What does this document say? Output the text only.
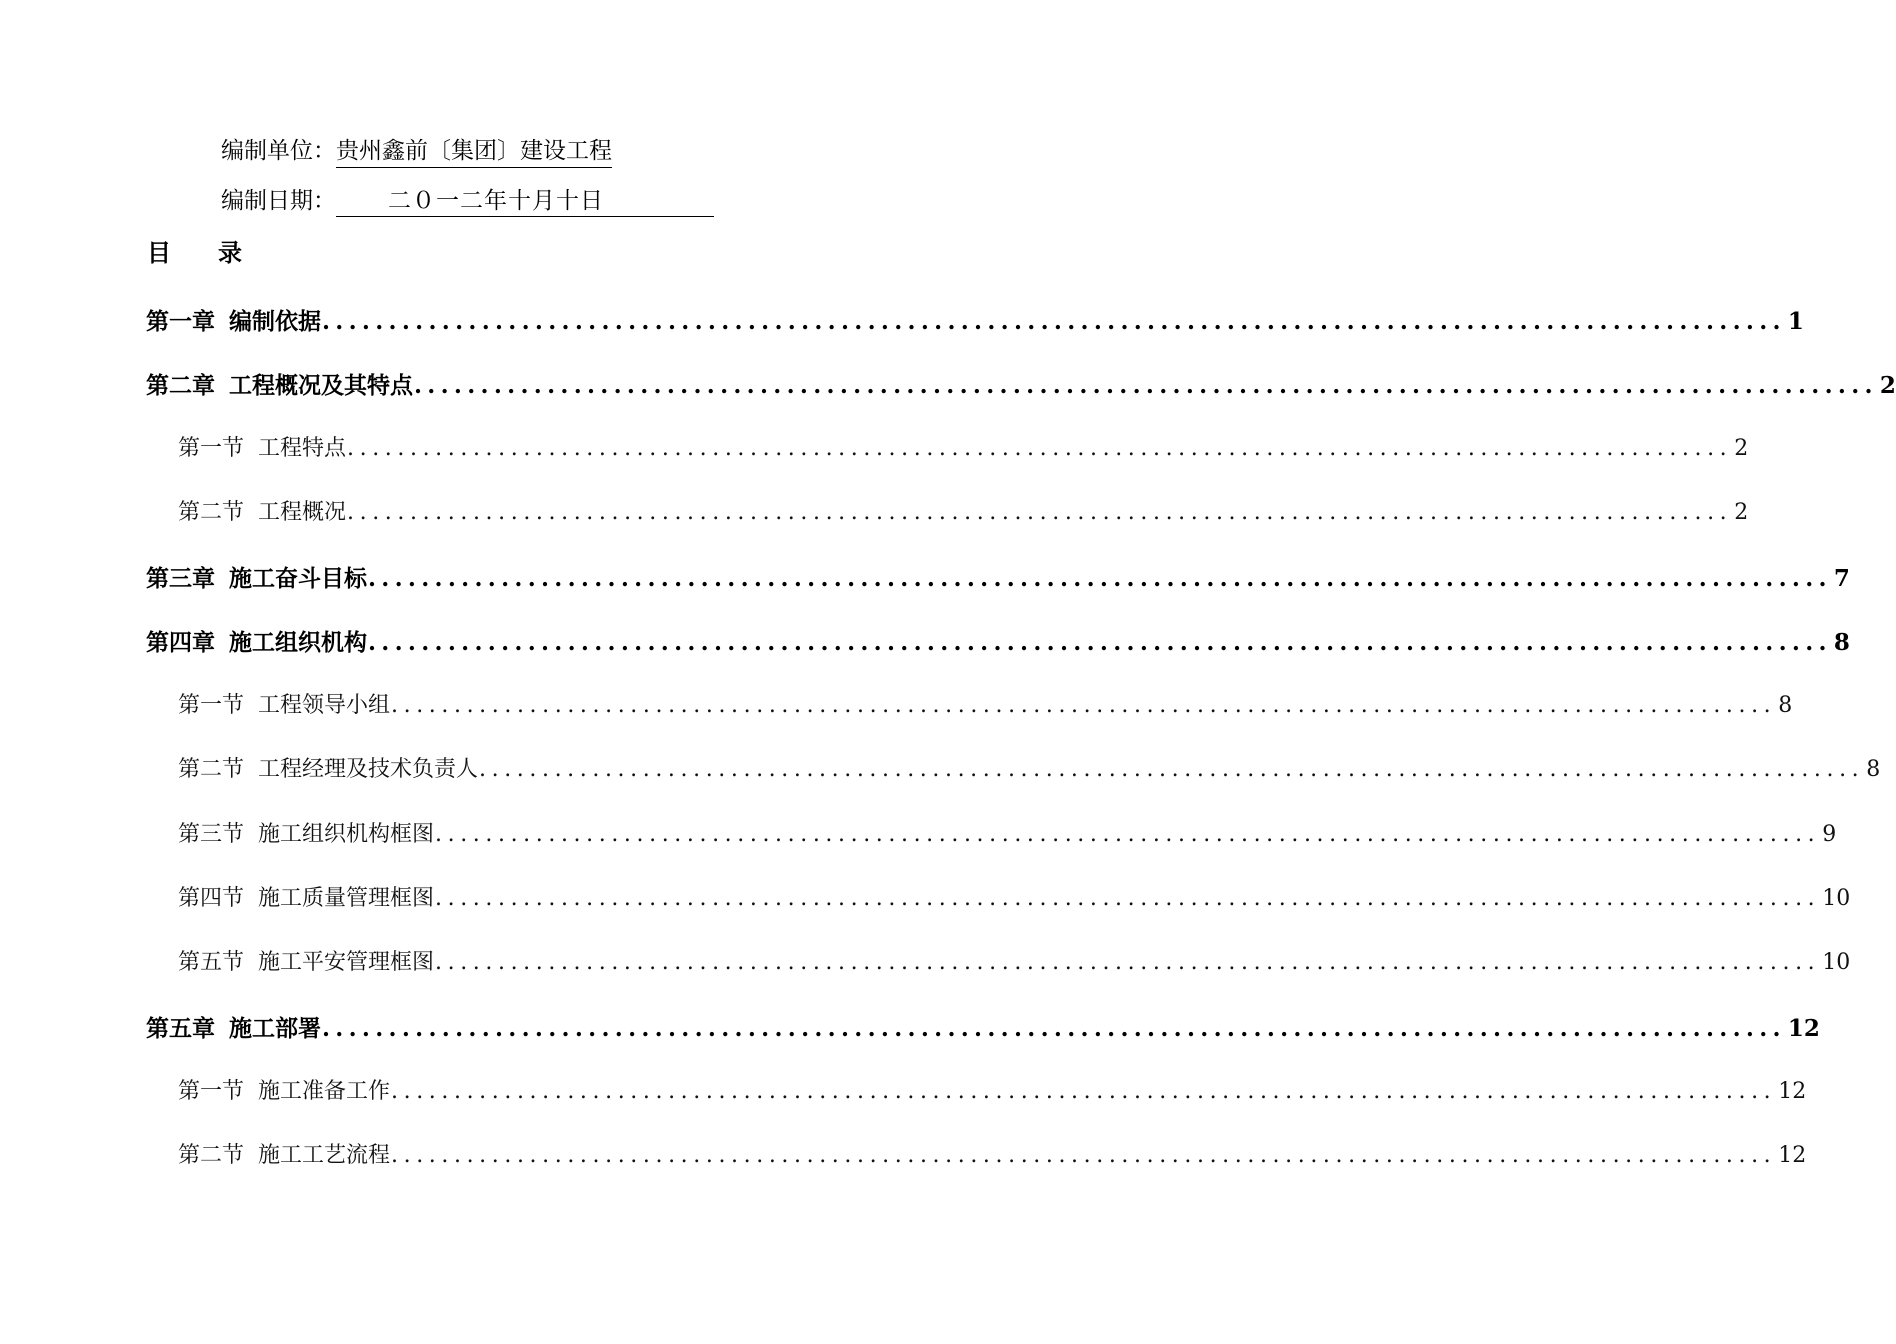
编制单位：贵州鑫前〔集团〕建设工程
编制日期： 二０一二年十月十日
目 录
第一章 编制依据 .............................................................................................................. 1
第二章 工程概况及其特点 .............................................................................................................. 2
第一节 工程特点 .............................................................................................................. 2
第二节 工程概况 .............................................................................................................. 2
第三章 施工奋斗目标 .............................................................................................................. 7
第四章 施工组织机构 .............................................................................................................. 8
第一节 工程领导小组 .............................................................................................................. 8
第二节 工程经理及技术负责人 .............................................................................................................. 8
第三节 施工组织机构框图 .............................................................................................................. 9
第四节 施工质量管理框图 .............................................................................................................. 10
第五节 施工平安管理框图 .............................................................................................................. 10
第五章 施工部署 .............................................................................................................. 12
第一节 施工准备工作 .............................................................................................................. 12
第二节 施工工艺流程 .............................................................................................................. 12
